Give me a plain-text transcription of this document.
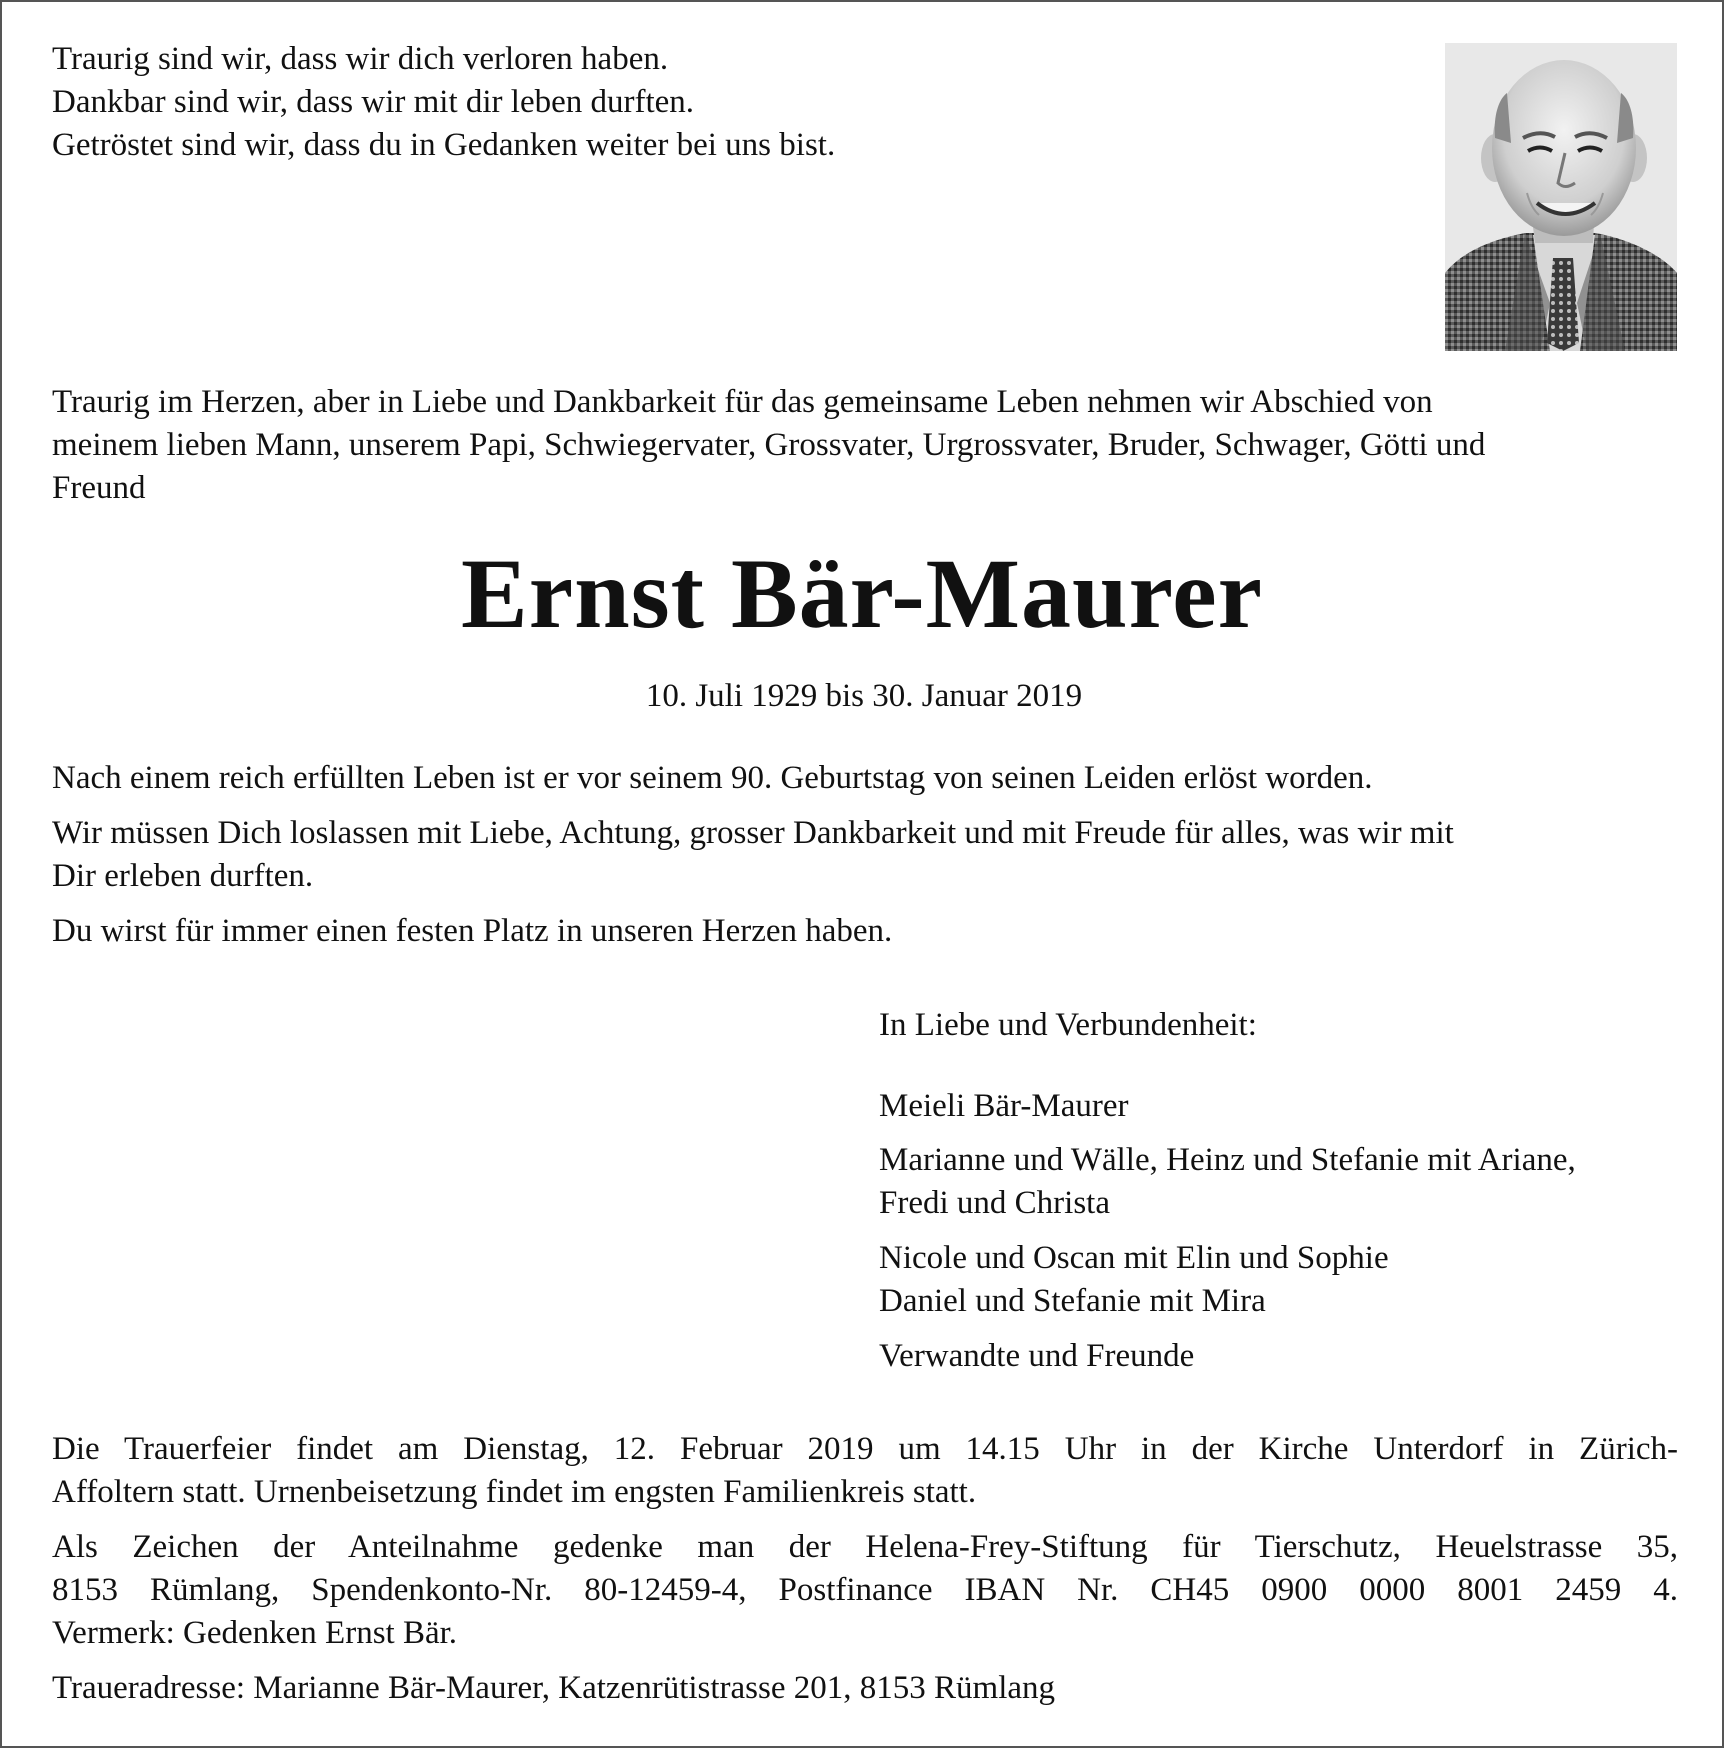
Traurig sind wir, dass wir dich verloren haben.
Dankbar sind wir, dass wir mit dir leben durften.
Getröstet sind wir, dass du in Gedanken weiter bei uns bist.
Traurig im Herzen, aber in Liebe und Dankbarkeit für das gemeinsame Leben nehmen wir Abschied von
meinem lieben Mann, unserem Papi, Schwiegervater, Grossvater, Urgrossvater, Bruder, Schwager, Götti und
Freund
Ernst Bär-Maurer
10. Juli 1929 bis 30. Januar 2019
Nach einem reich erfüllten Leben ist er vor seinem 90. Geburtstag von seinen Leiden erlöst worden.
Wir müssen Dich loslassen mit Liebe, Achtung, grosser Dankbarkeit und mit Freude für alles, was wir mit
Dir erleben durften.
Du wirst für immer einen festen Platz in unseren Herzen haben.
In Liebe und Verbundenheit:
Meieli Bär-Maurer
Marianne und Wälle, Heinz und Stefanie mit Ariane,
Fredi und Christa
Nicole und Oscan mit Elin und Sophie
Daniel und Stefanie mit Mira
Verwandte und Freunde
Die Trauerfeier findet am Dienstag, 12. Februar 2019 um 14.15 Uhr in der Kirche Unterdorf in Zürich-
Affoltern statt. Urnenbeisetzung findet im engsten Familienkreis statt.
Als Zeichen der Anteilnahme gedenke man der Helena-Frey-Stiftung für Tierschutz, Heuelstrasse 35,
8153 Rümlang, Spendenkonto-Nr. 80-12459-4, Postfinance IBAN Nr. CH45 0900 0000 8001 2459 4.
Vermerk: Gedenken Ernst Bär.
Traueradresse: Marianne Bär-Maurer, Katzenrütistrasse 201, 8153 Rümlang
